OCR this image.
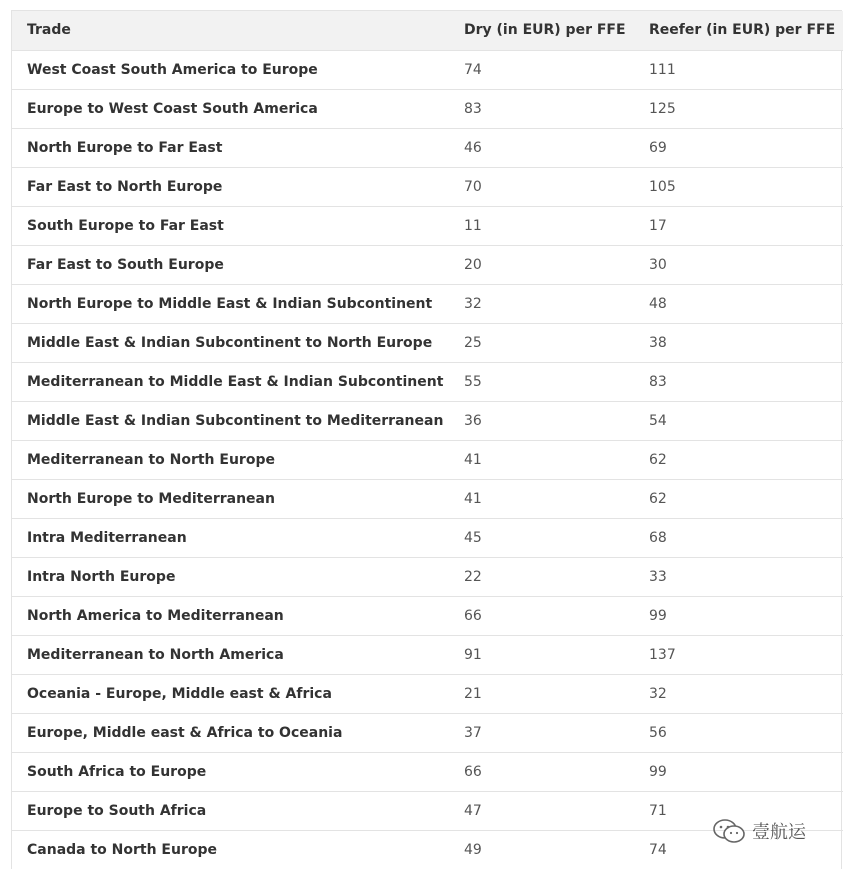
Trade	Dry (in EUR) per FFE	Reefer (in EUR) per FFE
West Coast South America to Europe	74	111
Europe to West Coast South America	83	125
North Europe to Far East	46	69
Far East to North Europe	70	105
South Europe to Far East	11	17
Far East to South Europe	20	30
North Europe to Middle East & Indian Subcontinent	32	48
Middle East & Indian Subcontinent to North Europe	25	38
Mediterranean to Middle East & Indian Subcontinent	55	83
Middle East & Indian Subcontinent to Mediterranean	36	54
Mediterranean to North Europe	41	62
North Europe to Mediterranean	41	62
Intra Mediterranean	45	68
Intra North Europe	22	33
North America to Mediterranean	66	99
Mediterranean to North America	91	137
Oceania - Europe, Middle east & Africa	21	32
Europe, Middle east & Africa to Oceania	37	56
South Africa to Europe	66	99
Europe to South Africa	47	71
Canada to North Europe	49	74
壹航运
